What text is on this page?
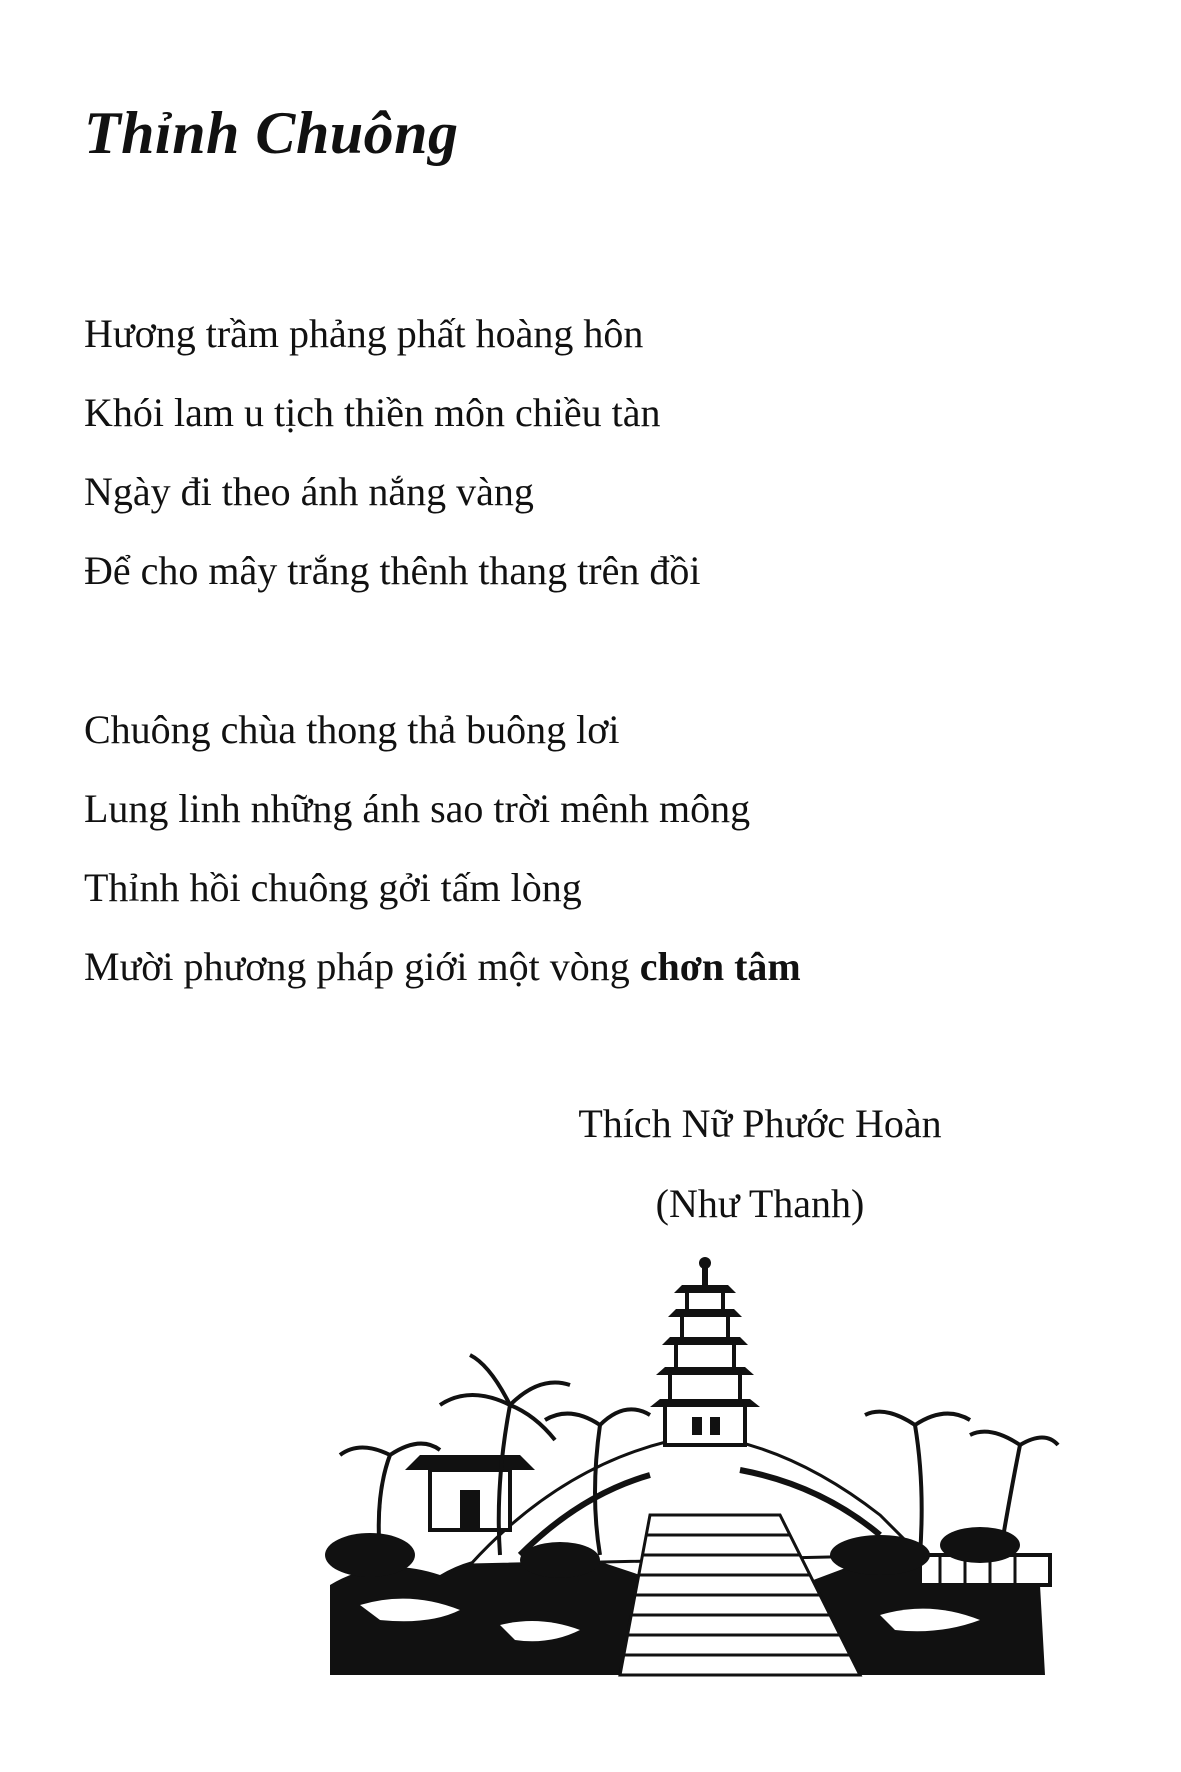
Thỉnh Chuông
Hương trầm phảng phất hoàng hôn
Khói lam u tịch thiền môn chiều tàn
Ngày đi theo ánh nắng vàng
Để cho mây trắng thênh thang trên đồi
Chuông chùa thong thả buông lơi
Lung linh những ánh sao trời mênh mông
Thỉnh hồi chuông gởi tấm lòng
Mười phương pháp giới một vòng chơn tâm

Thích Nữ Phước Hoàn

(Như Thanh)
